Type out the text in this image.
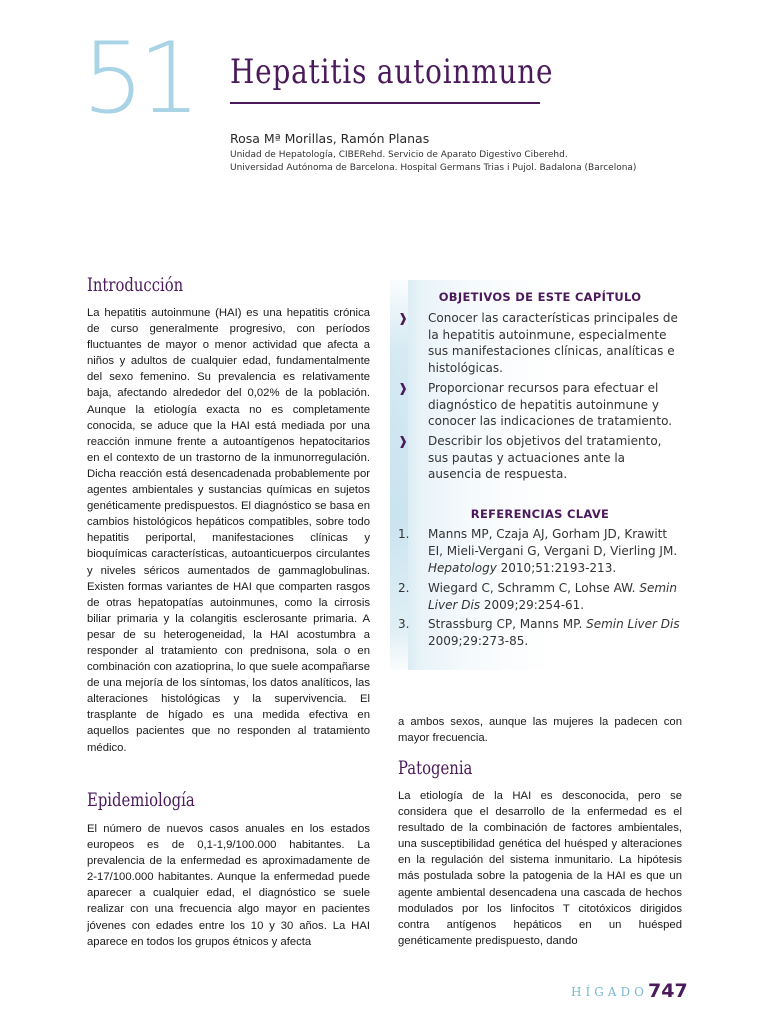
51 Hepatitis autoinmune
Rosa Mª Morillas, Ramón Planas
Unidad de Hepatología, CIBERehd. Servicio de Aparato Digestivo Ciberehd.
Universidad Autónoma de Barcelona. Hospital Germans Trias i Pujol. Badalona (Barcelona)
Introducción
La hepatitis autoinmune (HAI) es una hepatitis crónica de curso generalmente progresivo, con períodos fluctuantes de mayor o menor actividad que afecta a niños y adultos de cualquier edad, fundamentalmente del sexo femenino. Su prevalencia es relativamente baja, afectando alrededor del 0,02% de la población. Aunque la etiología exacta no es completamente conocida, se aduce que la HAI está mediada por una reacción inmune frente a autoantígenos hepatocitarios en el contexto de un trastorno de la inmunorregulación. Dicha reacción está desencadenada probablemente por agentes ambientales y sustancias químicas en sujetos genéticamente predispuestos. El diagnóstico se basa en cambios histológicos hepáticos compatibles, sobre todo hepatitis periportal, manifestaciones clínicas y bioquímicas características, autoanticuerpos circulantes y niveles séricos aumentados de gammaglobulinas. Existen formas variantes de HAI que comparten rasgos de otras hepatopatías autoinmunes, como la cirrosis biliar primaria y la colangitis esclerosante primaria. A pesar de su heterogeneidad, la HAI acostumbra a responder al tratamiento con prednisona, sola o en combinación con azatioprina, lo que suele acompañarse de una mejoría de los síntomas, los datos analíticos, las alteraciones histológicas y la supervivencia. El trasplante de hígado es una medida efectiva en aquellos pacientes que no responden al tratamiento médico.
Epidemiología
El número de nuevos casos anuales en los estados europeos es de 0,1-1,9/100.000 habitantes. La prevalencia de la enfermedad es aproximadamente de 2-17/100.000 habitantes. Aunque la enfermedad puede aparecer a cualquier edad, el diagnóstico se suele realizar con una frecuencia algo mayor en pacientes jóvenes con edades entre los 10 y 30 años. La HAI aparece en todos los grupos étnicos y afecta
OBJETIVOS DE ESTE CAPÍTULO
❱ Conocer las características principales de la hepatitis autoinmune, especialmente sus manifestaciones clínicas, analíticas e histológicas.
❱ Proporcionar recursos para efectuar el diagnóstico de hepatitis autoinmune y conocer las indicaciones de tratamiento.
❱ Describir los objetivos del tratamiento, sus pautas y actuaciones ante la ausencia de respuesta.
REFERENCIAS CLAVE
1. Manns MP, Czaja AJ, Gorham JD, Krawitt EI, Mieli-Vergani G, Vergani D, Vierling JM. Hepatology 2010;51:2193-213.
2. Wiegard C, Schramm C, Lohse AW. Semin Liver Dis 2009;29:254-61.
3. Strassburg CP, Manns MP. Semin Liver Dis 2009;29:273-85.
a ambos sexos, aunque las mujeres la padecen con mayor frecuencia.
Patogenia
La etiología de la HAI es desconocida, pero se considera que el desarrollo de la enfermedad es el resultado de la combinación de factores ambientales, una susceptibilidad genética del huésped y alteraciones en la regulación del sistema inmunitario. La hipótesis más postulada sobre la patogenia de la HAI es que un agente ambiental desencadena una cascada de hechos modulados por los linfocitos T citotóxicos dirigidos contra antígenos hepáticos en un huésped genéticamente predispuesto, dando
HÍGADO 747
